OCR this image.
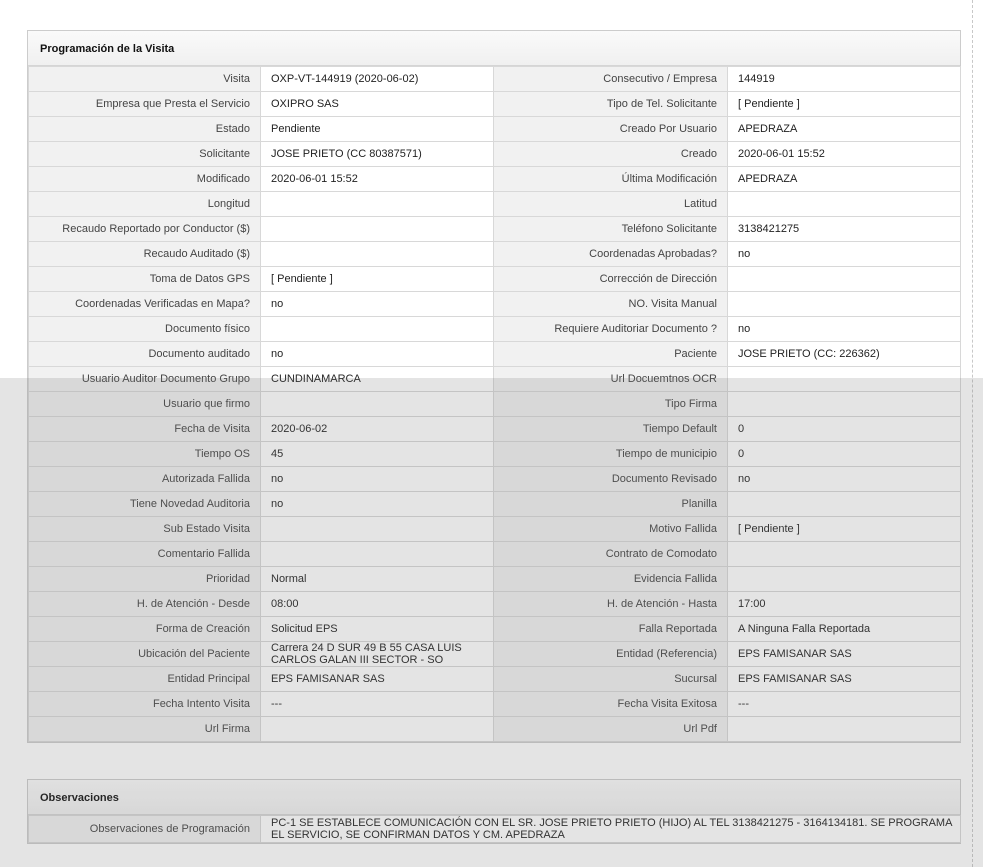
Programación de la Visita
Visita	OXP-VT-144919 (2020-06-02)	Consecutivo / Empresa	144919
Empresa que Presta el Servicio	OXIPRO SAS	Tipo de Tel. Solicitante	[ Pendiente ]
Estado	Pendiente	Creado Por Usuario	APEDRAZA
Solicitante	JOSE PRIETO (CC 80387571)	Creado	2020-06-01 15:52
Modificado	2020-06-01 15:52	Última Modificación	APEDRAZA
Longitud		Latitud	
Recaudo Reportado por Conductor ($)		Teléfono Solicitante	3138421275
Recaudo Auditado ($)		Coordenadas Aprobadas?	no
Toma de Datos GPS	[ Pendiente ]	Corrección de Dirección	
Coordenadas Verificadas en Mapa?	no	NO. Visita Manual	
Documento físico		Requiere Auditoriar Documento ?	no
Documento auditado	no	Paciente	JOSE PRIETO (CC: 226362)
Usuario Auditor Documento Grupo	CUNDINAMARCA	Url Docuemtnos OCR	
Usuario que firmo		Tipo Firma	
Fecha de Visita	2020-06-02	Tiempo Default	0
Tiempo OS	45	Tiempo de municipio	0
Autorizada Fallida	no	Documento Revisado	no
Tiene Novedad Auditoria	no	Planilla	
Sub Estado Visita		Motivo Fallida	[ Pendiente ]
Comentario Fallida		Contrato de Comodato	
Prioridad	Normal	Evidencia Fallida	
H. de Atención - Desde	08:00	H. de Atención - Hasta	17:00
Forma de Creación	Solicitud EPS	Falla Reportada	A Ninguna Falla Reportada
Ubicación del Paciente	Carrera 24 D SUR 49 B 55 CASA LUIS CARLOS GALAN III SECTOR - SO	Entidad (Referencia)	EPS FAMISANAR SAS
Entidad Principal	EPS FAMISANAR SAS	Sucursal	EPS FAMISANAR SAS
Fecha Intento Visita	---	Fecha Visita Exitosa	---
Url Firma		Url Pdf	
Observaciones
Observaciones de Programación	PC-1 SE ESTABLECE COMUNICACIÓN CON EL SR. JOSE PRIETO PRIETO (HIJO) AL TEL 3138421275 - 3164134181. SE PROGRAMA EL SERVICIO, SE CONFIRMAN DATOS Y CM. APEDRAZA
